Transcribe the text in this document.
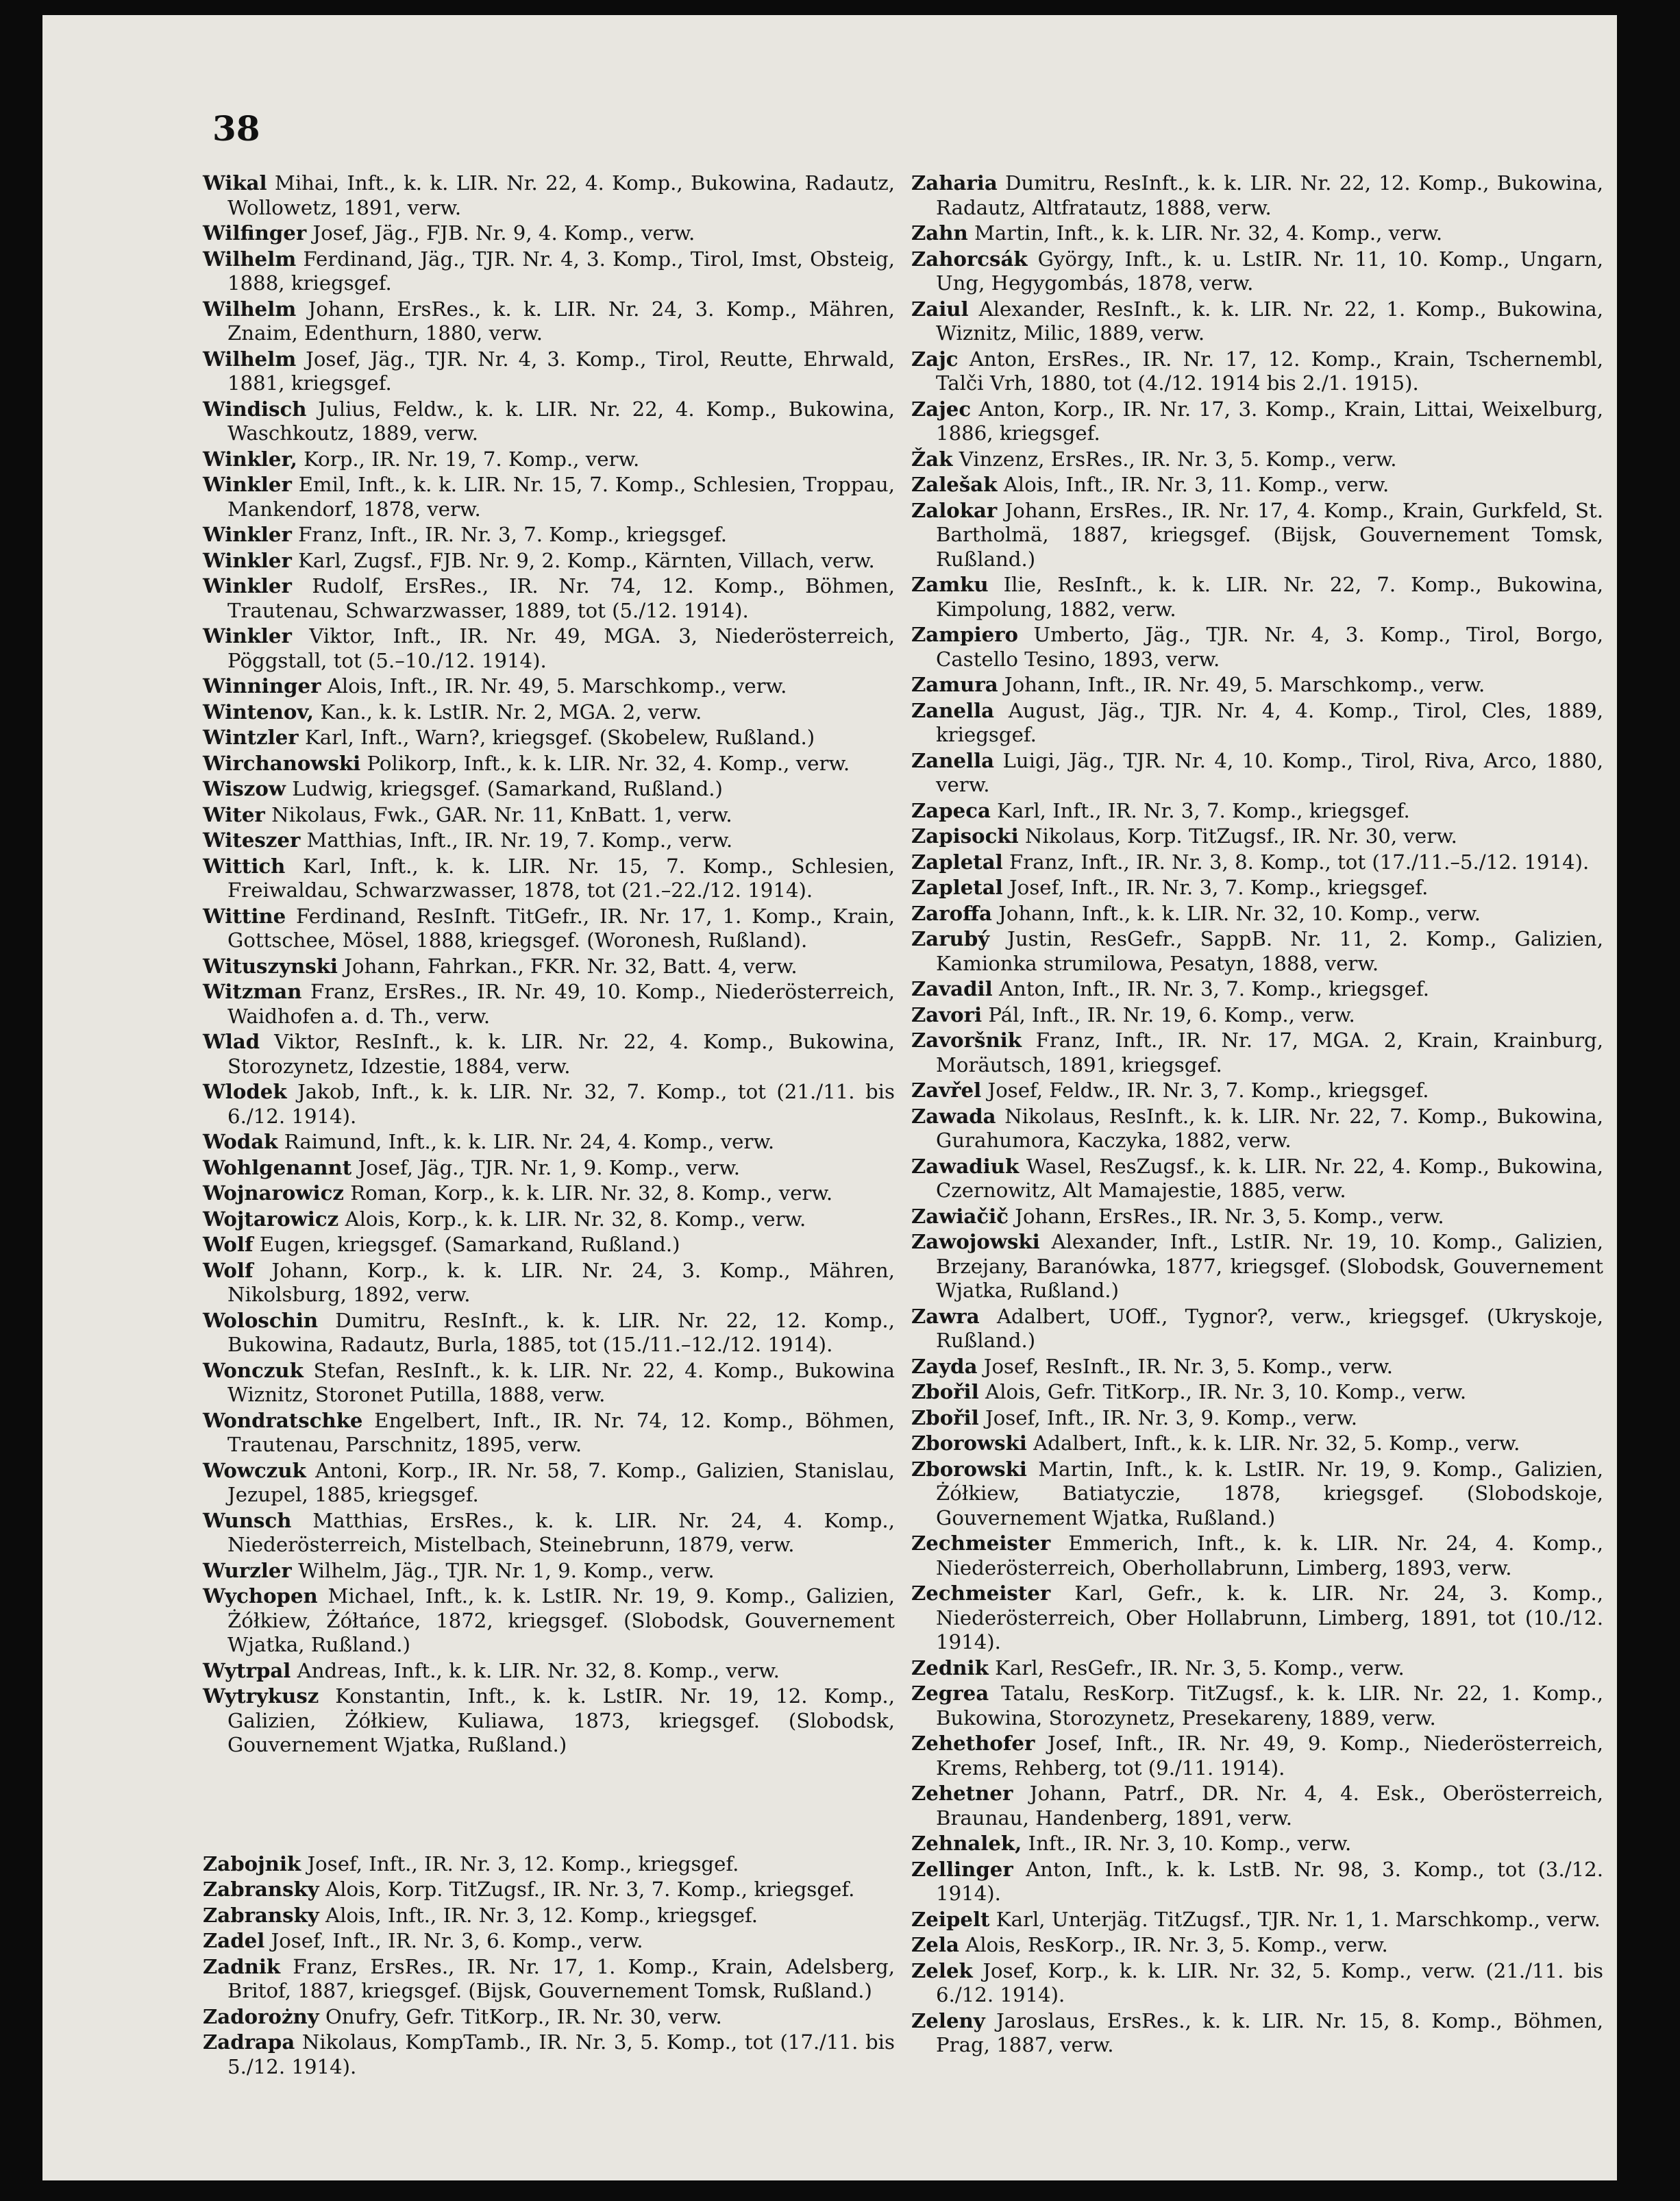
38

Wikal Mihai, Inft., k. k. LIR. Nr. 22, 4. Komp., Bukowina, Radautz, Wollowetz, 1891, verw.

Wilfinger Josef, Jäg., FJB. Nr. 9, 4. Komp., verw.

Wilhelm Ferdinand, Jäg., TJR. Nr. 4, 3. Komp., Tirol, Imst, Obsteig, 1888, kriegsgef.

Wilhelm Johann, ErsRes., k. k. LIR. Nr. 24, 3. Komp., Mähren, Znaim, Edenthurn, 1880, verw.

Wilhelm Josef, Jäg., TJR. Nr. 4, 3. Komp., Tirol, Reutte, Ehrwald, 1881, kriegsgef.

Windisch Julius, Feldw., k. k. LIR. Nr. 22, 4. Komp., Bukowina, Waschkoutz, 1889, verw.

Winkler, Korp., IR. Nr. 19, 7. Komp., verw.

Winkler Emil, Inft., k. k. LIR. Nr. 15, 7. Komp., Schlesien, Troppau, Mankendorf, 1878, verw.

Winkler Franz, Inft., IR. Nr. 3, 7. Komp., kriegsgef.

Winkler Karl, Zugsf., FJB. Nr. 9, 2. Komp., Kärnten, Villach, verw.

Winkler Rudolf, ErsRes., IR. Nr. 74, 12. Komp., Böhmen, Trautenau, Schwarzwasser, 1889, tot (5./12. 1914).

Winkler Viktor, Inft., IR. Nr. 49, MGA. 3, Niederösterreich, Pöggstall, tot (5.–10./12. 1914).

Winninger Alois, Inft., IR. Nr. 49, 5. Marschkomp., verw.

Wintenov, Kan., k. k. LstIR. Nr. 2, MGA. 2, verw.

Wintzler Karl, Inft., Warn?, kriegsgef. (Skobelew, Rußland.)

Wirchanowski Polikorp, Inft., k. k. LIR. Nr. 32, 4. Komp., verw.

Wiszow Ludwig, kriegsgef. (Samarkand, Rußland.)

Witer Nikolaus, Fwk., GAR. Nr. 11, KnBatt. 1, verw.

Witeszer Matthias, Inft., IR. Nr. 19, 7. Komp., verw.

Wittich Karl, Inft., k. k. LIR. Nr. 15, 7. Komp., Schlesien, Freiwaldau, Schwarzwasser, 1878, tot (21.–22./12. 1914).

Wittine Ferdinand, ResInft. TitGefr., IR. Nr. 17, 1. Komp., Krain, Gottschee, Mösel, 1888, kriegsgef. (Woronesh, Rußland).

Wituszynski Johann, Fahrkan., FKR. Nr. 32, Batt. 4, verw.

Witzman Franz, ErsRes., IR. Nr. 49, 10. Komp., Niederösterreich, Waidhofen a. d. Th., verw.

Wlad Viktor, ResInft., k. k. LIR. Nr. 22, 4. Komp., Bukowina, Storozynetz, Idzestie, 1884, verw.

Wlodek Jakob, Inft., k. k. LIR. Nr. 32, 7. Komp., tot (21./11. bis 6./12. 1914).

Wodak Raimund, Inft., k. k. LIR. Nr. 24, 4. Komp., verw.

Wohlgenannt Josef, Jäg., TJR. Nr. 1, 9. Komp., verw.

Wojnarowicz Roman, Korp., k. k. LIR. Nr. 32, 8. Komp., verw.

Wojtarowicz Alois, Korp., k. k. LIR. Nr. 32, 8. Komp., verw.

Wolf Eugen, kriegsgef. (Samarkand, Rußland.)

Wolf Johann, Korp., k. k. LIR. Nr. 24, 3. Komp., Mähren, Nikolsburg, 1892, verw.

Woloschin Dumitru, ResInft., k. k. LIR. Nr. 22, 12. Komp., Bukowina, Radautz, Burla, 1885, tot (15./11.–12./12. 1914).

Wonczuk Stefan, ResInft., k. k. LIR. Nr. 22, 4. Komp., Bukowina Wiznitz, Storonet Putilla, 1888, verw.

Wondratschke Engelbert, Inft., IR. Nr. 74, 12. Komp., Böhmen, Trautenau, Parschnitz, 1895, verw.

Wowczuk Antoni, Korp., IR. Nr. 58, 7. Komp., Galizien, Stanislau, Jezupel, 1885, kriegsgef.

Wunsch Matthias, ErsRes., k. k. LIR. Nr. 24, 4. Komp., Niederösterreich, Mistelbach, Steinebrunn, 1879, verw.

Wurzler Wilhelm, Jäg., TJR. Nr. 1, 9. Komp., verw.

Wychopen Michael, Inft., k. k. LstIR. Nr. 19, 9. Komp., Galizien, Żółkiew, Żółtańce, 1872, kriegsgef. (Slobodsk, Gouvernement Wjatka, Rußland.)

Wytrpal Andreas, Inft., k. k. LIR. Nr. 32, 8. Komp., verw.

Wytrykusz Konstantin, Inft., k. k. LstIR. Nr. 19, 12. Komp., Galizien, Żółkiew, Kuliawa, 1873, kriegsgef. (Slobodsk, Gouvernement Wjatka, Rußland.)

Zabojnik Josef, Inft., IR. Nr. 3, 12. Komp., kriegsgef.

Zabransky Alois, Korp. TitZugsf., IR. Nr. 3, 7. Komp., kriegsgef.

Zabransky Alois, Inft., IR. Nr. 3, 12. Komp., kriegsgef.

Zadel Josef, Inft., IR. Nr. 3, 6. Komp., verw.

Zadnik Franz, ErsRes., IR. Nr. 17, 1. Komp., Krain, Adelsberg, Britof, 1887, kriegsgef. (Bijsk, Gouvernement Tomsk, Rußland.)

Zadorożny Onufry, Gefr. TitKorp., IR. Nr. 30, verw.

Zadrapa Nikolaus, KompTamb., IR. Nr. 3, 5. Komp., tot (17./11. bis 5./12. 1914).

Zaharia Dumitru, ResInft., k. k. LIR. Nr. 22, 12. Komp., Bukowina, Radautz, Altfratautz, 1888, verw.

Zahn Martin, Inft., k. k. LIR. Nr. 32, 4. Komp., verw.

Zahorcsák György, Inft., k. u. LstIR. Nr. 11, 10. Komp., Ungarn, Ung, Hegygombás, 1878, verw.

Zaiul Alexander, ResInft., k. k. LIR. Nr. 22, 1. Komp., Bukowina, Wiznitz, Milic, 1889, verw.

Zajc Anton, ErsRes., IR. Nr. 17, 12. Komp., Krain, Tschernembl, Talči Vrh, 1880, tot (4./12. 1914 bis 2./1. 1915).

Zajec Anton, Korp., IR. Nr. 17, 3. Komp., Krain, Littai, Weixelburg, 1886, kriegsgef.

Žak Vinzenz, ErsRes., IR. Nr. 3, 5. Komp., verw.

Zalešak Alois, Inft., IR. Nr. 3, 11. Komp., verw.

Zalokar Johann, ErsRes., IR. Nr. 17, 4. Komp., Krain, Gurkfeld, St. Bartholmä, 1887, kriegsgef. (Bijsk, Gouvernement Tomsk, Rußland.)

Zamku Ilie, ResInft., k. k. LIR. Nr. 22, 7. Komp., Bukowina, Kimpolung, 1882, verw.

Zampiero Umberto, Jäg., TJR. Nr. 4, 3. Komp., Tirol, Borgo, Castello Tesino, 1893, verw.

Zamura Johann, Inft., IR. Nr. 49, 5. Marschkomp., verw.

Zanella August, Jäg., TJR. Nr. 4, 4. Komp., Tirol, Cles, 1889, kriegsgef.

Zanella Luigi, Jäg., TJR. Nr. 4, 10. Komp., Tirol, Riva, Arco, 1880, verw.

Zapeca Karl, Inft., IR. Nr. 3, 7. Komp., kriegsgef.

Zapisocki Nikolaus, Korp. TitZugsf., IR. Nr. 30, verw.

Zapletal Franz, Inft., IR. Nr. 3, 8. Komp., tot (17./11.–5./12. 1914).

Zapletal Josef, Inft., IR. Nr. 3, 7. Komp., kriegsgef.

Zaroffa Johann, Inft., k. k. LIR. Nr. 32, 10. Komp., verw.

Zarubý Justin, ResGefr., SappB. Nr. 11, 2. Komp., Galizien, Kamionka strumilowa, Pesatyn, 1888, verw.

Zavadil Anton, Inft., IR. Nr. 3, 7. Komp., kriegsgef.

Zavori Pál, Inft., IR. Nr. 19, 6. Komp., verw.

Zavoršnik Franz, Inft., IR. Nr. 17, MGA. 2, Krain, Krainburg, Moräutsch, 1891, kriegsgef.

Zavřel Josef, Feldw., IR. Nr. 3, 7. Komp., kriegsgef.

Zawada Nikolaus, ResInft., k. k. LIR. Nr. 22, 7. Komp., Bukowina, Gurahumora, Kaczyka, 1882, verw.

Zawadiuk Wasel, ResZugsf., k. k. LIR. Nr. 22, 4. Komp., Bukowina, Czernowitz, Alt Mamajestie, 1885, verw.

Zawiačič Johann, ErsRes., IR. Nr. 3, 5. Komp., verw.

Zawojowski Alexander, Inft., LstIR. Nr. 19, 10. Komp., Galizien, Brzejany, Baranówka, 1877, kriegsgef. (Slobodsk, Gouvernement Wjatka, Rußland.)

Zawra Adalbert, UOff., Tygnor?, verw., kriegsgef. (Ukryskoje, Rußland.)

Zayda Josef, ResInft., IR. Nr. 3, 5. Komp., verw.

Zbořil Alois, Gefr. TitKorp., IR. Nr. 3, 10. Komp., verw.

Zbořil Josef, Inft., IR. Nr. 3, 9. Komp., verw.

Zborowski Adalbert, Inft., k. k. LIR. Nr. 32, 5. Komp., verw.

Zborowski Martin, Inft., k. k. LstIR. Nr. 19, 9. Komp., Galizien, Żółkiew, Batiatyczie, 1878, kriegsgef. (Slobodskoje, Gouvernement Wjatka, Rußland.)

Zechmeister Emmerich, Inft., k. k. LIR. Nr. 24, 4. Komp., Niederösterreich, Oberhollabrunn, Limberg, 1893, verw.

Zechmeister Karl, Gefr., k. k. LIR. Nr. 24, 3. Komp., Niederösterreich, Ober Hollabrunn, Limberg, 1891, tot (10./12. 1914).

Zednik Karl, ResGefr., IR. Nr. 3, 5. Komp., verw.

Zegrea Tatalu, ResKorp. TitZugsf., k. k. LIR. Nr. 22, 1. Komp., Bukowina, Storozynetz, Presekareny, 1889, verw.

Zehethofer Josef, Inft., IR. Nr. 49, 9. Komp., Niederösterreich, Krems, Rehberg, tot (9./11. 1914).

Zehetner Johann, Patrf., DR. Nr. 4, 4. Esk., Oberösterreich, Braunau, Handenberg, 1891, verw.

Zehnalek, Inft., IR. Nr. 3, 10. Komp., verw.

Zellinger Anton, Inft., k. k. LstB. Nr. 98, 3. Komp., tot (3./12. 1914).

Zeipelt Karl, Unterjäg. TitZugsf., TJR. Nr. 1, 1. Marschkomp., verw.

Zela Alois, ResKorp., IR. Nr. 3, 5. Komp., verw.

Zelek Josef, Korp., k. k. LIR. Nr. 32, 5. Komp., verw. (21./11. bis 6./12. 1914).

Zeleny Jaroslaus, ErsRes., k. k. LIR. Nr. 15, 8. Komp., Böhmen, Prag, 1887, verw.
